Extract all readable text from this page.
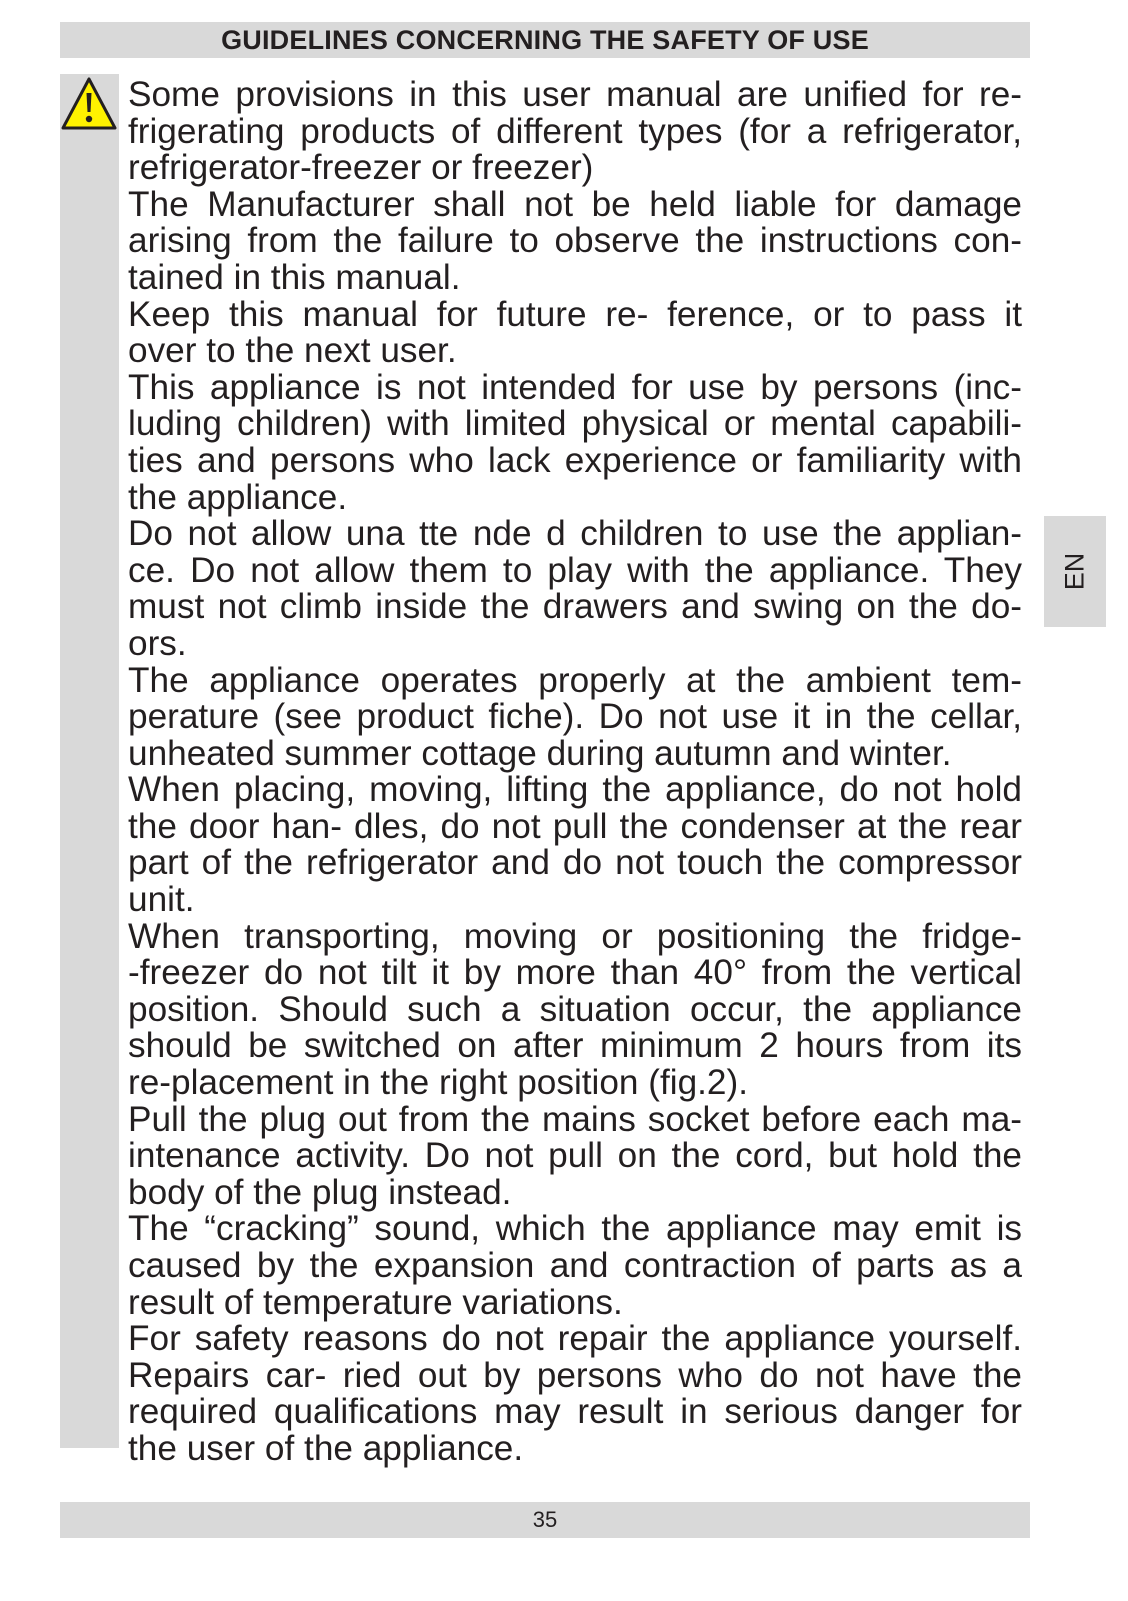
GUIDELINES CONCERNING THE SAFETY OF USE
Some provisions in this user manual are unified for re-
frigerating products of different types (for a refrigerator,
refrigerator-freezer or freezer)
The Manufacturer shall not be held liable for damage
arising from the failure to observe the instructions con-
tained in this manual.
Keep this manual for future re- ference, or to pass it
over to the next user.
This appliance is not intended for use by persons (inc-
luding children) with limited physical or mental capabili-
ties and persons who lack experience or familiarity with
the appliance.
Do not allow una tte nde d children to use the applian-
ce. Do not allow them to play with the appliance. They
must not climb inside the drawers and swing on the do-
ors.
The appliance operates properly at the ambient tem-
perature (see product fiche). Do not use it in the cellar,
unheated summer cottage during autumn and winter.
When placing, moving, lifting the appliance, do not hold
the door han- dles, do not pull the condenser at the rear
part of the refrigerator and do not touch the compressor
unit.
When transporting, moving or positioning the fridge-
-freezer do not tilt it by more than 40° from the vertical
position. Should such a situation occur, the appliance
should be switched on after minimum 2 hours from its
re-placement in the right position (fig.2).
Pull the plug out from the mains socket before each ma-
intenance activity. Do not pull on the cord, but hold the
body of the plug instead.
The “cracking” sound, which the appliance may emit is
caused by the expansion and contraction of parts as a
result of temperature variations.
For safety reasons do not repair the appliance yourself.
Repairs car- ried out by persons who do not have the
required qualifications may result in serious danger for
the user of the appliance.
EN
35
